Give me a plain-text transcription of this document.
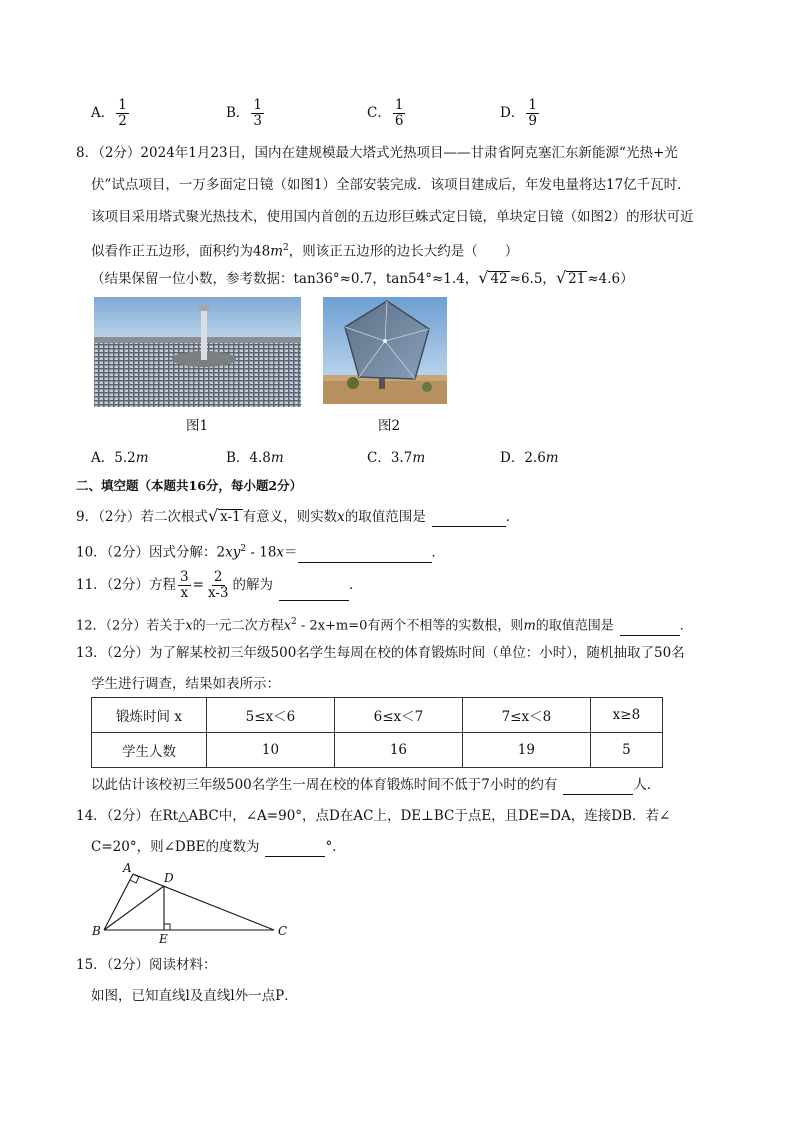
A． $\frac{1}{2}$	B． $\frac{1}{3}$	C． $\frac{1}{6}$	D． $\frac{1}{9}$
8．（2分）2024年1月23日，国内在建规模最大塔式光热项目——甘肃省阿克塞汇东新能源“光热+光
伏”试点项目，一万多面定日镜（如图1）全部安装完成．该项目建成后，年发电量将达17亿千瓦时．
该项目采用塔式聚光热技术，使用国内首创的五边形巨蛛式定日镜，单块定日镜（如图2）的形状可近
似看作正五边形，面积约为$48m^2$，则该正五边形的边长大约是（　　）
（结果保留一位小数，参考数据：tan36°≈0.7，tan54°≈1.4，√ 42 ≈6.5，√ 21 ≈4.6）
图1	图2
A．5.2m	B．4.8m	C．3.7m	D．2.6m
二、填空题（本题共16分，每小题2分）
9．（2分）若二次根式√ x-1 有意义，则实数x的取值范围是	．
10．（2分）因式分解：$2xy^2 - 18x=$	．
11．（2分）方程 $\frac{3}{x} = \frac{2}{x-3}$ 的解为	．
12．（2分）若关于x的一元二次方程$x^2 - 2x+m=0$有两个不相等的实数根，则m的取值范围是	．
13．（2分）为了解某校初三年级500名学生每周在校的体育锻炼时间（单位：小时），随机抽取了50名
学生进行调查，结果如表所示：
锻炼时间 x	5≤x＜6	6≤x＜7	7≤x＜8	x≥8
学生人数	10	16	19	5
以此估计该校初三年级500名学生一周在校的体育锻炼时间不低于7小时的约有	人．
14．（2分）在Rt△ABC中，∠A=90°，点D在AC上，DE⊥BC于点E，且DE=DA，连接DB．若∠
C=20°，则∠DBE的度数为	°．
A
B	C
D
E
15．（2分）阅读材料：
如图，已知直线l及直线l外一点P．
